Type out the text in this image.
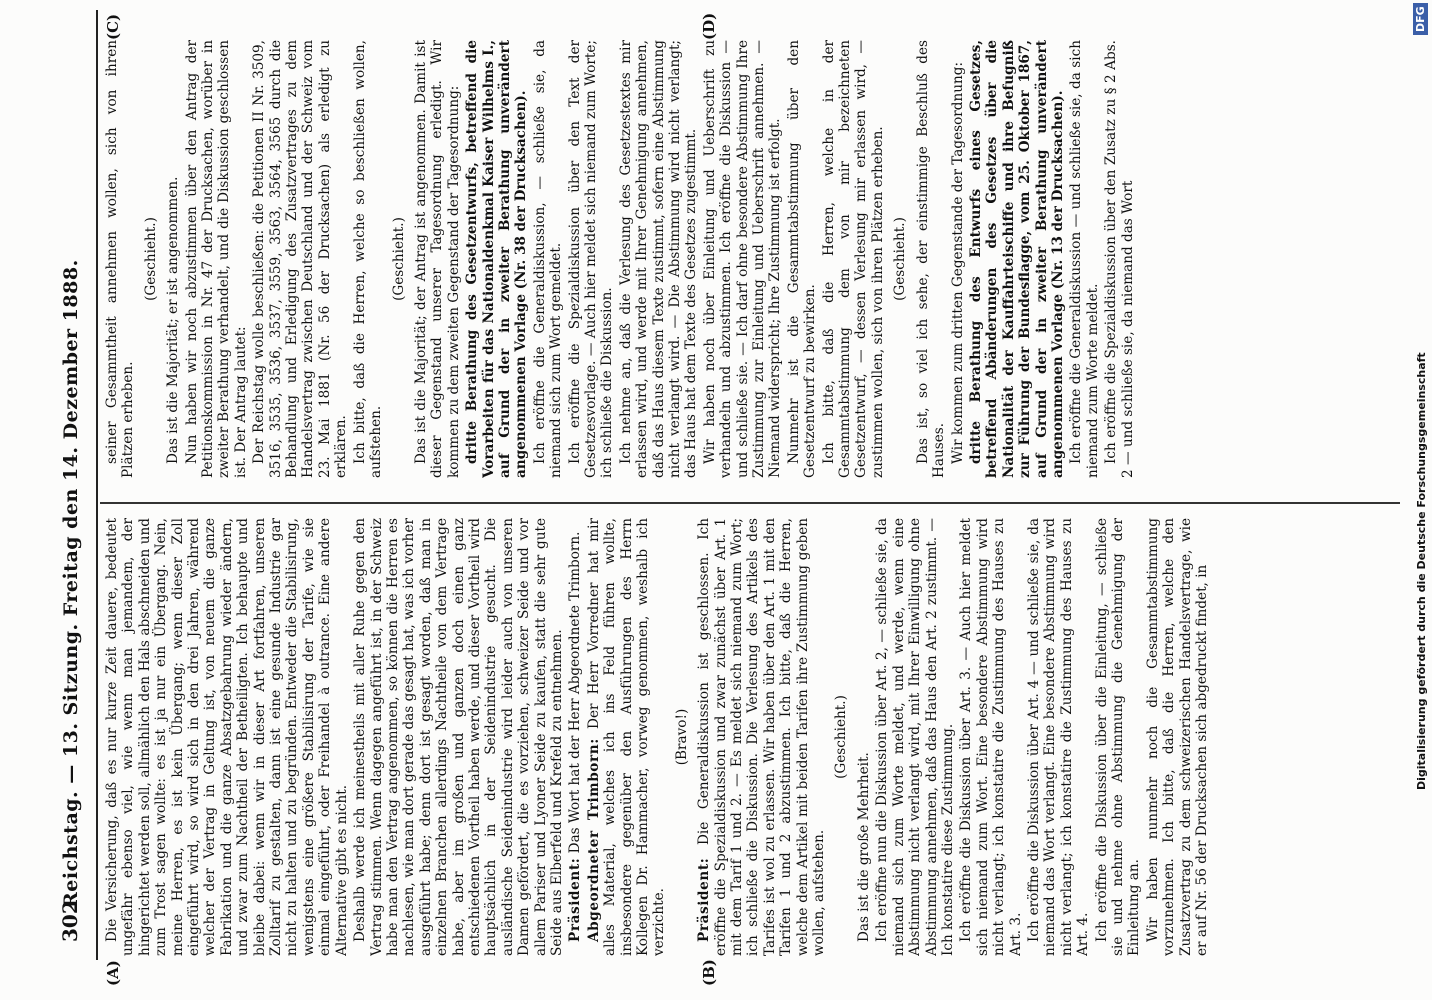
302
Reichstag. — 13. Sitzung. Freitag den 14. Dezember 1888.
(A)	(B)
(C)	(D)

Die Versicherung, daß es nur kurze Zeit dauere, bedeutet ungefähr ebenso viel, wie wenn man jemandem, der hingerichtet werden soll, allmählich den Hals abschneiden und zum Trost sagen wollte: es ist ja nur ein Übergang. Nein, meine Herren, es ist kein Übergang; wenn dieser Zoll eingeführt wird, so wird sich in den drei Jahren, während welcher der Vertrag in Geltung ist, von neuem die ganze Fabrikation und die ganze Absatzgebahrung wieder ändern, und zwar zum Nachtheil der Betheiligten. Ich behaupte und bleibe dabei: wenn wir in dieser Art fortfahren, unseren Zolltarif zu gestalten, dann ist eine gesunde Industrie gar nicht zu halten und zu begründen. Entweder die Stabilisirung, wenigstens eine größere Stabilisirung der Tarife, wie sie einmal eingeführt, oder Freihandel à outrance. Eine andere Alternative gibt es nicht. Deshalb werde ich meinestheils mit aller Ruhe gegen den Vertrag stimmen. Wenn dagegen angeführt ist, in der Schweiz habe man den Vertrag angenommen, so können die Herren es nachlesen, wie man dort gerade das gesagt hat, was ich vorher ausgeführt habe; denn dort ist gesagt worden, daß man in einzelnen Branchen allerdings Nachtheile von dem Vertrage habe, aber im großen und ganzen doch einen ganz entschiedenen Vortheil haben werde, und dieser Vortheil wird hauptsächlich in der Seidenindustrie gesucht. Die ausländische Seidenindustrie wird leider auch von unseren Damen gefördert, die es vorziehen, schweizer Seide und vor allem Pariser und Lyoner Seide zu kaufen, statt die sehr gute Seide aus Elberfeld und Krefeld zu entnehmen. Präsident: Das Wort hat der Herr Abgeordnete Trimborn. Abgeordneter Trimborn: Der Herr Vorredner hat mir alles Material, welches ich ins Feld führen wollte, insbesondere gegenüber den Ausführungen des Herrn Kollegen Dr. Hammacher, vorweg genommen, weshalb ich verzichte.

(Bravo!)

Präsident: Die Generaldiskussion ist geschlossen. Ich eröffne die Spezialdiskussion und zwar zunächst über Art. 1 mit dem Tarif 1 und 2. — Es meldet sich niemand zum Wort; ich schließe die Diskussion. Die Verlesung des Artikels des Tarifes ist wol zu erlassen. Wir haben über den Art. 1 mit den Tarifen 1 und 2 abzustimmen. Ich bitte, daß die Herren, welche dem Artikel mit beiden Tarifen ihre Zustimmung geben wollen, aufstehen.

(Geschieht.)

Das ist die große Mehrheit. Ich eröffne nun die Diskussion über Art. 2, — schließe sie, da niemand sich zum Worte meldet, und werde, wenn eine Abstimmung nicht verlangt wird, mit Ihrer Einwilligung ohne Abstimmung annehmen, daß das Haus den Art. 2 zustimmt. — Ich konstatire diese Zustimmung. Ich eröffne die Diskussion über Art. 3. — Auch hier meldet sich niemand zum Wort. Eine besondere Abstimmung wird nicht verlangt; ich konstatire die Zustimmung des Hauses zu Art. 3. Ich eröffne die Diskussion über Art. 4 — und schließe sie, da niemand das Wort verlangt. Eine besondere Abstimmung wird nicht verlangt; ich konstatire die Zustimmung des Hauses zu Art. 4. Ich eröffne die Diskussion über die Einleitung, — schließe sie und nehme ohne Abstimmung die Genehmigung der Einleitung an. Wir haben nunmehr noch die Gesammtabstimmung vorzunehmen. Ich bitte, daß die Herren, welche den Zusatzvertrag zu dem schweizerischen Handelsvertrage, wie er auf Nr. 56 der Drucksachen sich abgedruckt findet, in

seiner Gesammtheit annehmen wollen, sich von ihren Plätzen erheben.

(Geschieht.) Das ist die Majorität; er ist angenommen. Nun haben wir noch abzustimmen über den Antrag der Petitionskommission in Nr. 47 der Drucksachen, worüber in zweiter Berathung verhandelt, und die Diskussion geschlossen ist. Der Antrag lautet: Der Reichstag wolle beschließen: die Petitionen II Nr. 3509, 3516, 3535, 3536, 3537, 3559, 3563, 3564, 3565 durch die Behandlung und Erledigung des Zusatzvertrages zu dem Handelsvertrag zwischen Deutschland und der Schweiz vom 23. Mai 1881 (Nr. 56 der Drucksachen) als erledigt zu erklären. Ich bitte, daß die Herren, welche so beschließen wollen, aufstehen.

(Geschieht.) Das ist die Majorität; der Antrag ist angenommen. Damit ist dieser Gegenstand unserer Tagesordnung erledigt. Wir kommen zu dem zweiten Gegenstand der Tagesordnung: dritte Berathung des Gesetzentwurfs, betreffend die Vorarbeiten für das Nationaldenkmal Kaiser Wilhelms I., auf Grund der in zweiter Berathung unverändert angenommenen Vorlage (Nr. 38 der Drucksachen). Ich eröffne die Generaldiskussion, — schließe sie, da niemand sich zum Wort gemeldet. Ich eröffne die Spezialdiskussion über den Text der Gesetzesvorlage. — Auch hier meldet sich niemand zum Worte; ich schließe die Diskussion. Ich nehme an, daß die Verlesung des Gesetzestextes mir erlassen wird, und werde mit Ihrer Genehmigung annehmen, daß das Haus diesem Texte zustimmt, sofern eine Abstimmung nicht verlangt wird. — Die Abstimmung wird nicht verlangt; das Haus hat dem Texte des Gesetzes zugestimmt. Wir haben noch über Einleitung und Ueberschrift zu verhandeln und abzustimmen. Ich eröffne die Diskussion — und schließe sie. — Ich darf ohne besondere Abstimmung Ihre Zustimmung zur Einleitung und Ueberschrift annehmen. — Niemand widerspricht; Ihre Zustimmung ist erfolgt. Nunmehr ist die Gesammtabstimmung über den Gesetzentwurf zu bewirken. Ich bitte, daß die Herren, welche in der Gesammtabstimmung dem von mir bezeichneten Gesetzentwurf, — dessen Verlesung mir erlassen wird, — zustimmen wollen, sich von ihren Plätzen erheben. (Geschieht.) Das ist, so viel ich sehe, der einstimmige Beschluß des Hauses. Wir kommen zum dritten Gegenstande der Tagesordnung: dritte Berathung des Entwurfs eines Gesetzes, betreffend Abänderungen des Gesetzes über die Nationalität der Kauffahrteischiffe und ihre Befugniß zur Führung der Bundesflagge, vom 25. Oktober 1867, auf Grund der in zweiter Berathung unverändert angenommenen Vorlage (Nr. 13 der Drucksachen). Ich eröffne die Generaldiskussion — und schließe sie, da sich niemand zum Worte meldet. Ich eröffne die Spezialdiskussion über den Zusatz zu § 2 Abs. 2 — und schließe sie, da niemand das Wort

Digitalisierung gefördert durch die Deutsche Forschungsgemeinschaft
DFG
